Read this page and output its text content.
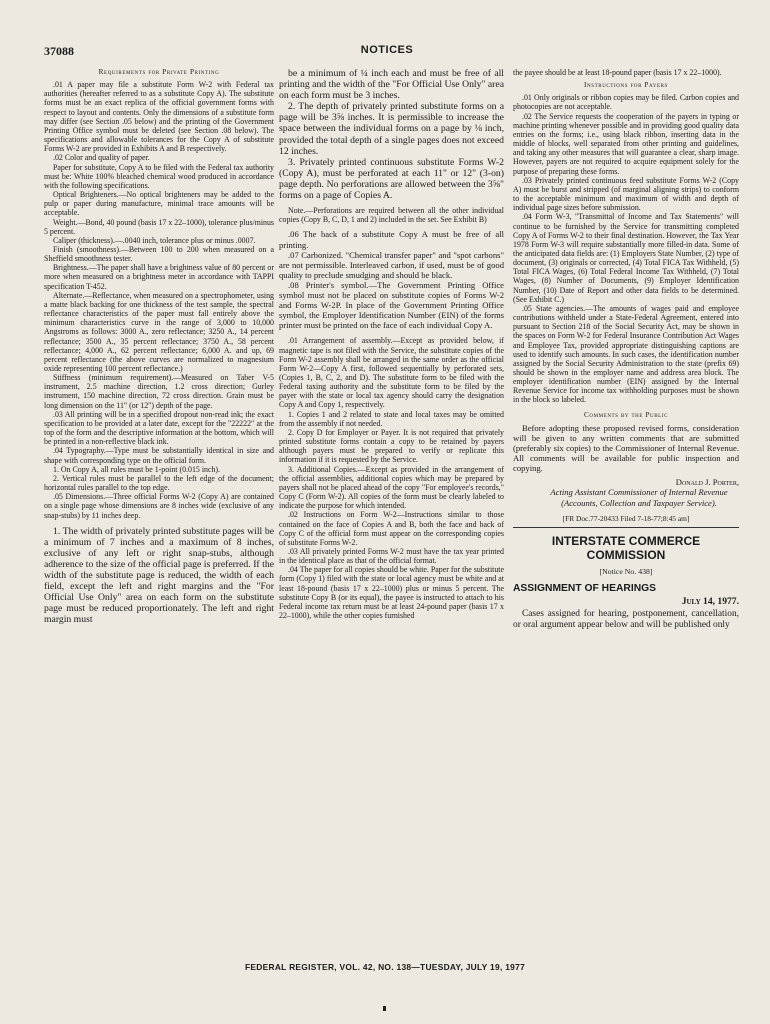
37088	NOTICES
Requirements for Private Printing

.01 A paper may file a substitute Form W-2 with Federal tax authorities (hereafter referred to as a substitute Copy A). The substitute forms must be an exact replica of the official government forms with respect to layout and contents. Only the dimensions of a substitute form may differ (see Section .05 below) and the printing of the Government Printing Office symbol must be deleted (see Section .08 below). The specifications and allowable tolerances for the Copy A of substitute Forms W-2 are provided in Exhibits A and B respectively.

.02 Color and quality of paper.

Paper for substitute, Copy A to be filed with the Federal tax authority must be: White 100% bleached chemical wood produced in accordance with the following specifications.

Optical Brighteners.—No optical brighteners may be added to the pulp or paper during manufacture, minimal trace amounts will be acceptable.

Weight.—Bond, 40 pound (basis 17 x 22–1000), tolerance plus/minus 5 percent.

Caliper (thickness).—.0040 inch, tolerance plus or minus .0007.

Finish (smoothness).—Between 100 to 200 when measured on a Sheffield smoothness tester.

Brightness.—The paper shall have a brightness value of 80 percent or more when measured on a brightness meter in accordance with TAPPI specification T-452.

Alternate.—Reflectance, when measured on a spectrophometer, using a matte black backing for one thickness of the test sample, the spectral reflectance characteristics of the paper must fall entirely above the minimum characteristics curve in the range of 3,000 to 10,000 Angstroms as follows: 3000 A., zero reflectance; 3250 A., 14 percent reflectance; 3500 A., 35 percent reflectance; 3750 A., 58 percent reflectance; 4,000 A., 62 percent reflectance; 6,000 A. and up, 69 percent reflectance (the above curves are normalized to magnesium oxide representing 100 percent reflectance.)

Stiffness (minimum requirement).—Measured on Taber V-5 instrument, 2.5 machine direction, 1.2 cross direction; Gurley instrument, 150 machine direction, 72 cross direction. Grain must be long dimension on the 11" (or 12") depth of the page.

.03 All printing will be in a specified dropout non-read ink; the exact specification to be provided at a later date, except for the "22222" at the top of the form and the descriptive information at the bottom, which will be printed in a non-reflective black ink.

.04 Typography.—Type must be substantially identical in size and shape with corresponding type on the official form.

1. On Copy A, all rules must be 1-point (0.015 inch).

2. Vertical rules must be parallel to the left edge of the document; horizontal rules parallel to the top edge.

.05 Dimensions.—Three official Forms W-2 (Copy A) are contained on a single page whose dimensions are 8 inches wide (exclusive of any snap-stubs) by 11 inches deep.

1. The width of privately printed substitute pages will be a minimum of 7 inches and a maximum of 8 inches, exclusive of any left or right snap-stubs, although adherence to the size of the official page is preferred. If the width of the substitute page is reduced, the width of each field, except the left and right margins and the "For Official Use Only" area on each form on the substitute page must be reduced proportionately. The left and right margin must

be a minimum of ¼ inch each and must be free of all printing and the width of the "For Official Use Only" area on each form must be 3 inches.

2. The depth of privately printed substitute forms on a page will be 3⅝ inches. It is permissible to increase the space between the individual forms on a page by ⅛ inch, provided the total depth of a single pages does not exceed 12 inches.

3. Privately printed continuous substitute Forms W-2 (Copy A), must be perforated at each 11" or 12" (3-on) page depth. No perforations are allowed between the 3⅝" forms on a page of Copies A.

Note.—Perforations are required between all the other individual copies (Copy B, C, D, 1 and 2) included in the set. See Exhibit B)

.06 The back of a substitute Copy A must be free of all printing.

.07 Carbonized. "Chemical transfer paper" and "spot carbons" are not permissible. Interleaved carbon, if used, must be of good quality to preclude smudging and should be black.

.08 Printer's symbol.—The Government Printing Office symbol must not be placed on substitute copies of Forms W-2 and Forms W-2P. In place of the Government Printing Office symbol, the Employer Identification Number (EIN) of the forms printer must be printed on the face of each individual Copy A.

.01 Arrangement of assembly.—Except as provided below, if magnetic tape is not filed with the Service, the substitute copies of the Form W-2 assembly shall be arranged in the same order as the official Form W-2—Copy A first, followed sequentially by perforated sets, (Copies 1, B, C, 2, and D). The substitute form to be filed with the Federal taxing authority and the substitute form to be filed by the payer with the state or local tax agency should carry the designation Copy A and Copy 1, respectively.

1. Copies 1 and 2 related to state and local taxes may be omitted from the assembly if not needed.

2. Copy D for Employer or Payer. It is not required that privately printed substitute forms contain a copy to be retained by payers although payers must be prepared to verify or replicate this information if it is requested by the Service.

3. Additional Copies.—Except as provided in the arrangement of the official assemblies, additional copies which may be prepared by payers shall not be placed ahead of the copy "For employee's records," Copy C (Form W-2). All copies of the form must be clearly labeled to indicate the purpose for which intended.

.02 Instructions on Form W-2—Instructions similar to those contained on the face of Copies A and B, both the face and back of Copy C of the official form must appear on the corresponding copies of substitute Forms W-2.

.03 All privately printed Forms W-2 must have the tax year printed in the identical place as that of the official format.

.04 The paper for all copies should be white. Paper for the substitute form (Copy 1) filed with the state or local agency must be white and at least 18-pound (basis 17 x 22–1000) plus or minus 5 percent. The substitute Copy B (or its equal), the payee is instructed to attach to his Federal income tax return must be at least 24-pound paper (basis 17 x 22–1000), while the other copies furnished

the payee should be at least 18-pound paper (basis 17 x 22–1000).

Instructions for Payers

.01 Only originals or ribbon copies may be filed. Carbon copies and photocopies are not acceptable.

.02 The Service requests the cooperation of the payers in typing or machine printing whenever possible and in providing good quality data entries on the forms; i.e., using black ribbon, inserting data in the middle of blocks, well separated from other printing and guidelines, and taking any other measures that will guarantee a clear, sharp image. However, payers are not required to acquire equipment solely for the purpose of preparing these forms.

.03 Privately printed continuous feed substitute Forms W-2 (Copy A) must be burst and stripped (of marginal aligning strips) to conform to the acceptable minimum and maximum of width and depth of individual page sizes before submission.

.04 Form W-3, "Transmittal of Income and Tax Statements" will continue to be furnished by the Service for transmitting completed Copy A of Forms W-2 to their final destination. However, the Tax Year 1978 Form W-3 will require substantially more filled-in data. Some of the anticipated data fields are: (1) Employers State Number, (2) type of document, (3) originals or corrected, (4) Total FICA Tax Withheld, (5) Total FICA Wages, (6) Total Federal Income Tax Withheld, (7) Total Wages, (8) Number of Documents, (9) Employer Identification Number, (10) Date of Report and other data fields to be determined. (See Exhibit C.)

.05 State agencies.—The amounts of wages paid and employee contributions withheld under a State-Federal Agreement, entered into pursuant to Section 218 of the Social Security Act, may be shown in the spaces on Form W-2 for Federal Insurance Contribution Act Wages and Employee Tax, provided appropriate distinguishing captions are used to identify such amounts. In such cases, the identification number assigned by the Social Security Administration to the state (prefix 69) should be shown in the employer name and address area block. The employer identification number (EIN) assigned by the Internal Revenue Service for income tax withholding purposes must be shown in the block so labeled.

Comments by the Public

Before adopting these proposed revised forms, consideration will be given to any written comments that are submitted (preferably six copies) to the Commissioner of Internal Revenue. All comments will be available for public inspection and copying.

Donald J. Porter,
Acting Assistant Commissioner of Internal Revenue (Accounts, Collection and Taxpayer Service).
[FR Doc.77-20433 Filed 7-18-77;8:45 am]
INTERSTATE COMMERCE COMMISSION
[Notice No. 438]
ASSIGNMENT OF HEARINGS
July 14, 1977.

Cases assigned for hearing, postponement, cancellation, or oral argument appear below and will be published only

FEDERAL REGISTER, VOL. 42, NO. 138—TUESDAY, JULY 19, 1977
